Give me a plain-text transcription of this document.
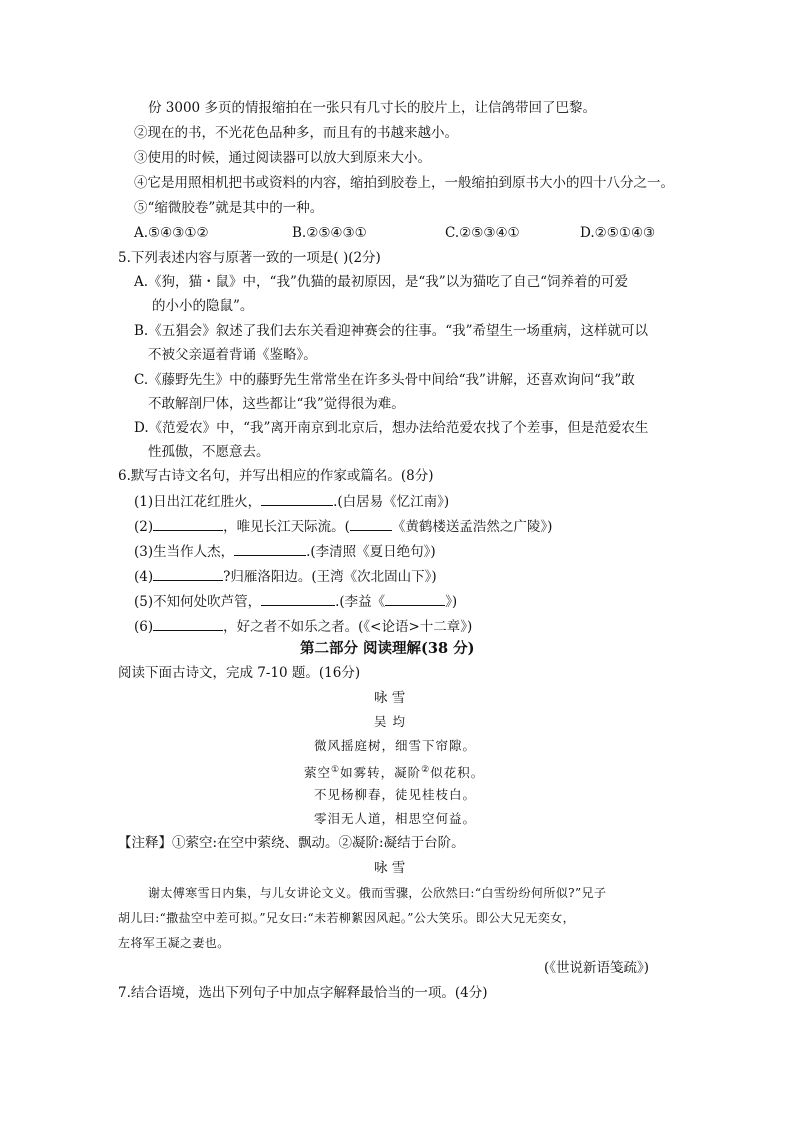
份 3000 多页的情报缩拍在一张只有几寸长的胶片上，让信鸽带回了巴黎。
②现在的书，不光花色品种多，而且有的书越来越小。
③使用的时候，通过阅读器可以放大到原来大小。
④它是用照相机把书或资料的内容，缩拍到胶卷上，一般缩拍到原书大小的四十八分之一。
⑤“缩微胶卷”就是其中的一种。
A.⑤④③①②	B.②⑤④③①	C.②⑤③④①	D.②⑤①④③
5.下列表述内容与原著一致的一项是( )(2分)
A.《狗，猫・鼠》中，“我”仇猫的最初原因，是“我”以为猫吃了自己“饲养着的可爱
的小小的隐鼠”。
B.《五猖会》叙述了我们去东关看迎神赛会的往事。“我”希望生一场重病，这样就可以
不被父亲逼着背诵《鉴略》。
C.《藤野先生》中的藤野先生常常坐在许多头骨中间给“我”讲解，还喜欢询问“我”敢
不敢解剖尸体，这些都让“我”觉得很为难。
D.《范爱农》中，“我”离开南京到北京后，想办法给范爱农找了个差事，但是范爱农生
性孤傲，不愿意去。
6.默写古诗文名句，并写出相应的作家或篇名。(8分)
(1)日出江花红胜火，	.(白居易《忆江南》)
(2)	，唯见长江天际流。(	《黄鹤楼送孟浩然之广陵》)
(3)生当作人杰，	.(李清照《夏日绝句》)
(4)	?归雁洛阳边。(王湾《次北固山下》)
(5)不知何处吹芦管，	.(李益《	》)
(6)	，好之者不如乐之者。(《<论语>十二章》)
第二部分 阅读理解(38 分)
阅读下面古诗文，完成 7-10 题。(16分)
咏 雪
吴 均
微风摇庭树，细雪下帘隙。
萦空①如雾转，凝阶②似花积。
不见杨柳春，徒见桂枝白。
零泪无人道，相思空何益。
【注释】①萦空:在空中萦绕、飘动。②凝阶:凝结于台阶。
咏 雪
谢太傅寒雪日内集，与儿女讲论文义。俄而雪骤，公欣然曰:“白雪纷纷何所似?”兄子
胡儿曰:“撒盐空中差可拟。”兄女曰:“未若柳絮因风起。”公大笑乐。即公大兄无奕女，
左将军王凝之妻也。
(《世说新语笺疏》)
7.结合语境，选出下列句子中加点字解释最恰当的一项。(4分)
